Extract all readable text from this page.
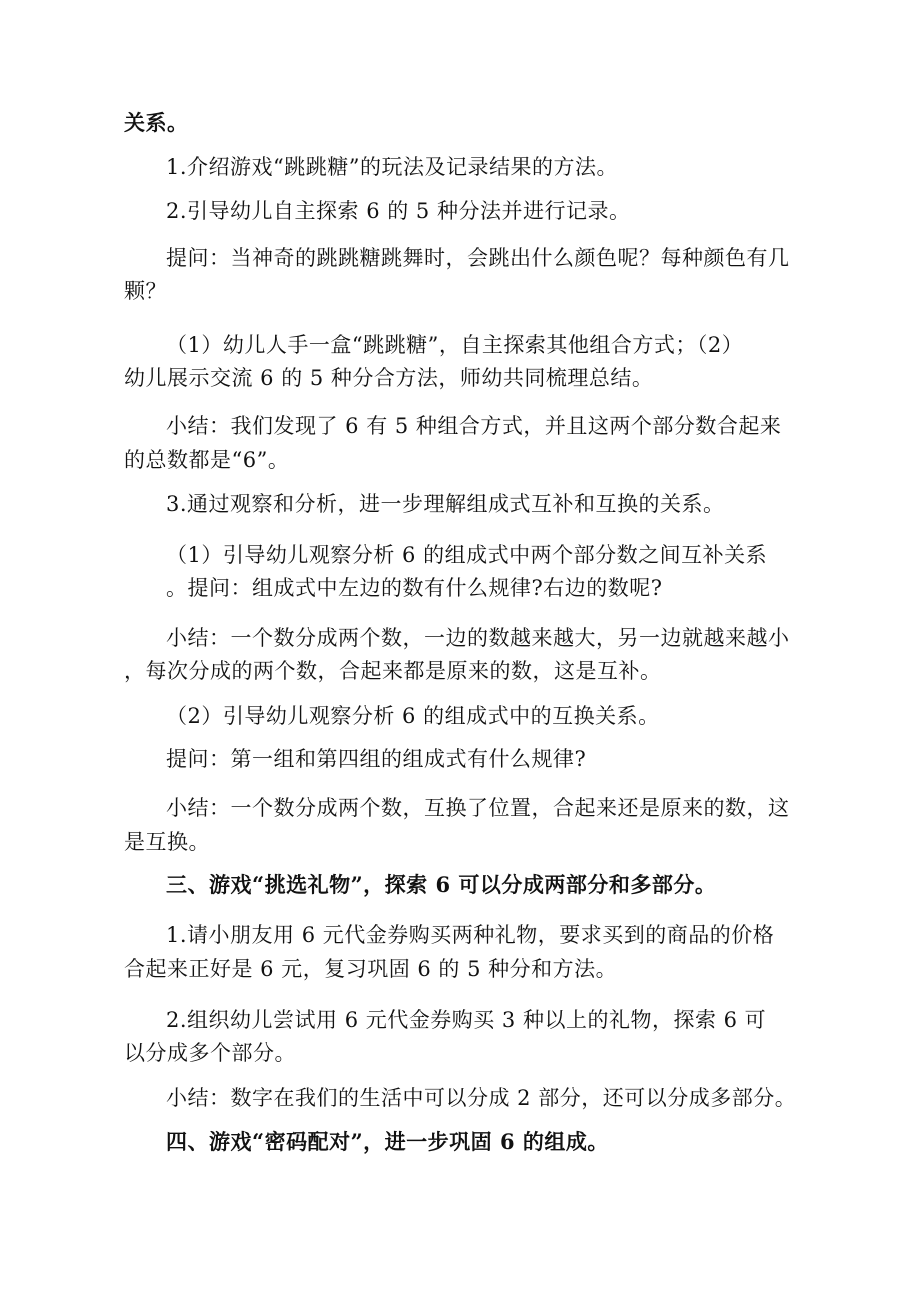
关系。
1.介绍游戏“跳跳糖”的玩法及记录结果的方法。
2.引导幼儿自主探索 6 的 5 种分法并进行记录。
提问：当神奇的跳跳糖跳舞时，会跳出什么颜色呢？每种颜色有几
颗？
（1）幼儿人手一盒“跳跳糖”，自主探索其他组合方式；（2）
幼儿展示交流 6 的 5 种分合方法，师幼共同梳理总结。
小结：我们发现了 6 有 5 种组合方式，并且这两个部分数合起来
的总数都是“6”。
3.通过观察和分析，进一步理解组成式互补和互换的关系。
（1）引导幼儿观察分析 6 的组成式中两个部分数之间互补关系
。提问：组成式中左边的数有什么规律?右边的数呢?
小结：一个数分成两个数，一边的数越来越大，另一边就越来越小
，每次分成的两个数，合起来都是原来的数，这是互补。
（2）引导幼儿观察分析 6 的组成式中的互换关系。
提问：第一组和第四组的组成式有什么规律?
小结：一个数分成两个数，互换了位置，合起来还是原来的数，这
是互换。
三、游戏“挑选礼物”，探索 6 可以分成两部分和多部分。
1.请小朋友用 6 元代金券购买两种礼物，要求买到的商品的价格
合起来正好是 6 元，复习巩固 6 的 5 种分和方法。
2.组织幼儿尝试用 6 元代金券购买 3 种以上的礼物，探索 6 可
以分成多个部分。
小结：数字在我们的生活中可以分成 2 部分，还可以分成多部分。
四、游戏“密码配对”，进一步巩固 6 的组成。
